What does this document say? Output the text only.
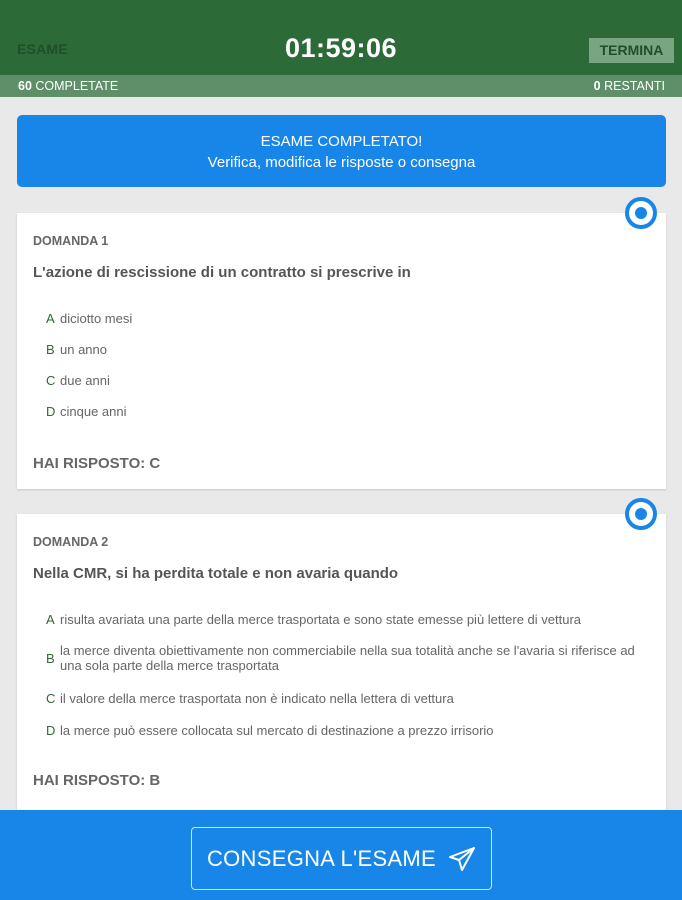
ESAME	01:59:06	TERMINA
60 COMPLETATE	0 RESTANTI
ESAME COMPLETATO!
Verifica, modifica le risposte o consegna
DOMANDA 1
L'azione di rescissione di un contratto si prescrive in
A diciotto mesi
B un anno
C due anni
D cinque anni
HAI RISPOSTO: C
DOMANDA 2
Nella CMR, si ha perdita totale e non avaria quando
A risulta avariata una parte della merce trasportata e sono state emesse più lettere di vettura
B la merce diventa obiettivamente non commerciabile nella sua totalità anche se l'avaria si riferisce ad una sola parte della merce trasportata
C il valore della merce trasportata non è indicato nella lettera di vettura
D la merce può essere collocata sul mercato di destinazione a prezzo irrisorio
HAI RISPOSTO: B
CONSEGNA L'ESAME
